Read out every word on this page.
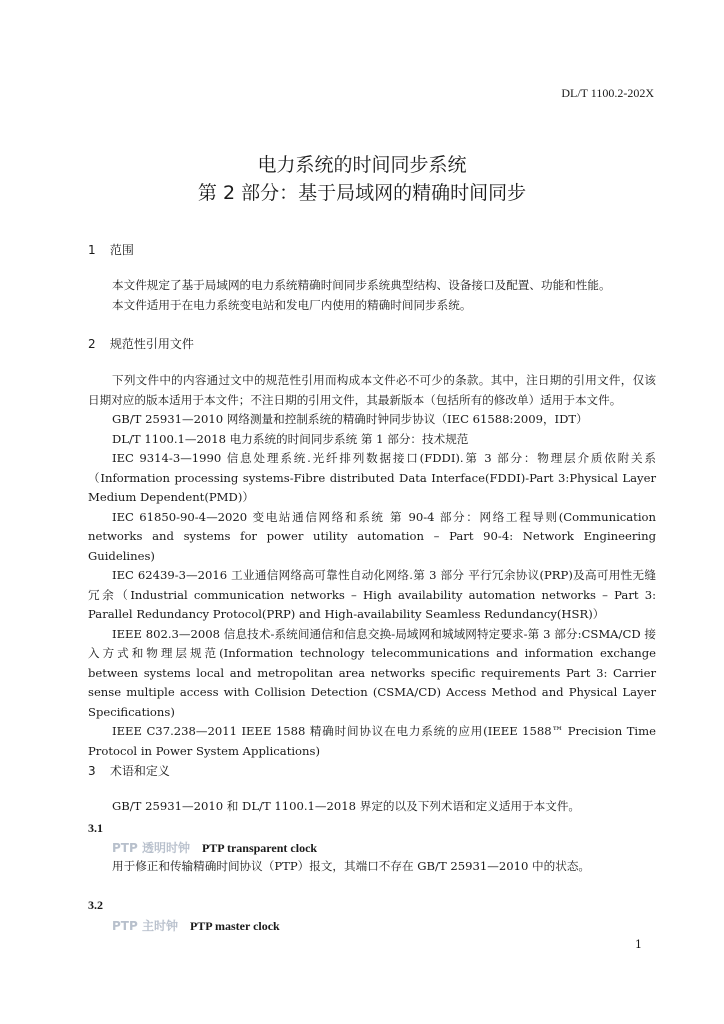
DL/T 1100.2-202X
电力系统的时间同步系统
第 2 部分：基于局域网的精确时间同步
1 范围

本文件规定了基于局域网的电力系统精确时间同步系统典型结构、设备接口及配置、功能和性能。

本文件适用于在电力系统变电站和发电厂内使用的精确时间同步系统。

2 规范性引用文件

下列文件中的内容通过文中的规范性引用而构成本文件必不可少的条款。其中，注日期的引用文件，仅该日期对应的版本适用于本文件；不注日期的引用文件，其最新版本（包括所有的修改单）适用于本文件。

GB/T 25931—2010 网络测量和控制系统的精确时钟同步协议（IEC 61588:2009，IDT）

DL/T 1100.1—2018 电力系统的时间同步系统 第 1 部分：技术规范

IEC 9314-3—1990 信息处理系统.光纤排列数据接口(FDDI).第 3 部分：物理层介质依附关系（Information processing systems-Fibre distributed Data Interface(FDDI)-Part 3:Physical Layer Medium Dependent(PMD)）

IEC 61850-90-4—2020 变电站通信网络和系统 第 90-4 部分：网络工程导则(Communication networks and systems for power utility automation – Part 90-4: Network Engineering Guidelines)

IEC 62439-3—2016 工业通信网络高可靠性自动化网络.第 3 部分 平行冗余协议(PRP)及高可用性无缝冗余（Industrial communication networks – High availability automation networks – Part 3: Parallel Redundancy Protocol(PRP) and High-availability Seamless Redundancy(HSR)）

IEEE 802.3—2008 信息技术-系统间通信和信息交换-局域网和城域网特定要求-第 3 部分:CSMA/CD 接入方式和物理层规范(Information technology telecommunications and information exchange between systems local and metropolitan area networks specific requirements Part 3: Carrier sense multiple access with Collision Detection (CSMA/CD) Access Method and Physical Layer Specifications)

IEEE C37.238—2011 IEEE 1588 精确时间协议在电力系统的应用(IEEE 1588™ Precision Time Protocol in Power System Applications)

3 术语和定义

GB/T 25931—2010 和 DL/T 1100.1—2018 界定的以及下列术语和定义适用于本文件。

3.1
PTP 透明时钟 PTP transparent clock
用于修正和传输精确时间协议（PTP）报文，其端口不存在 GB/T 25931—2010 中的状态。
3.2
PTP 主时钟 PTP master clock
1
